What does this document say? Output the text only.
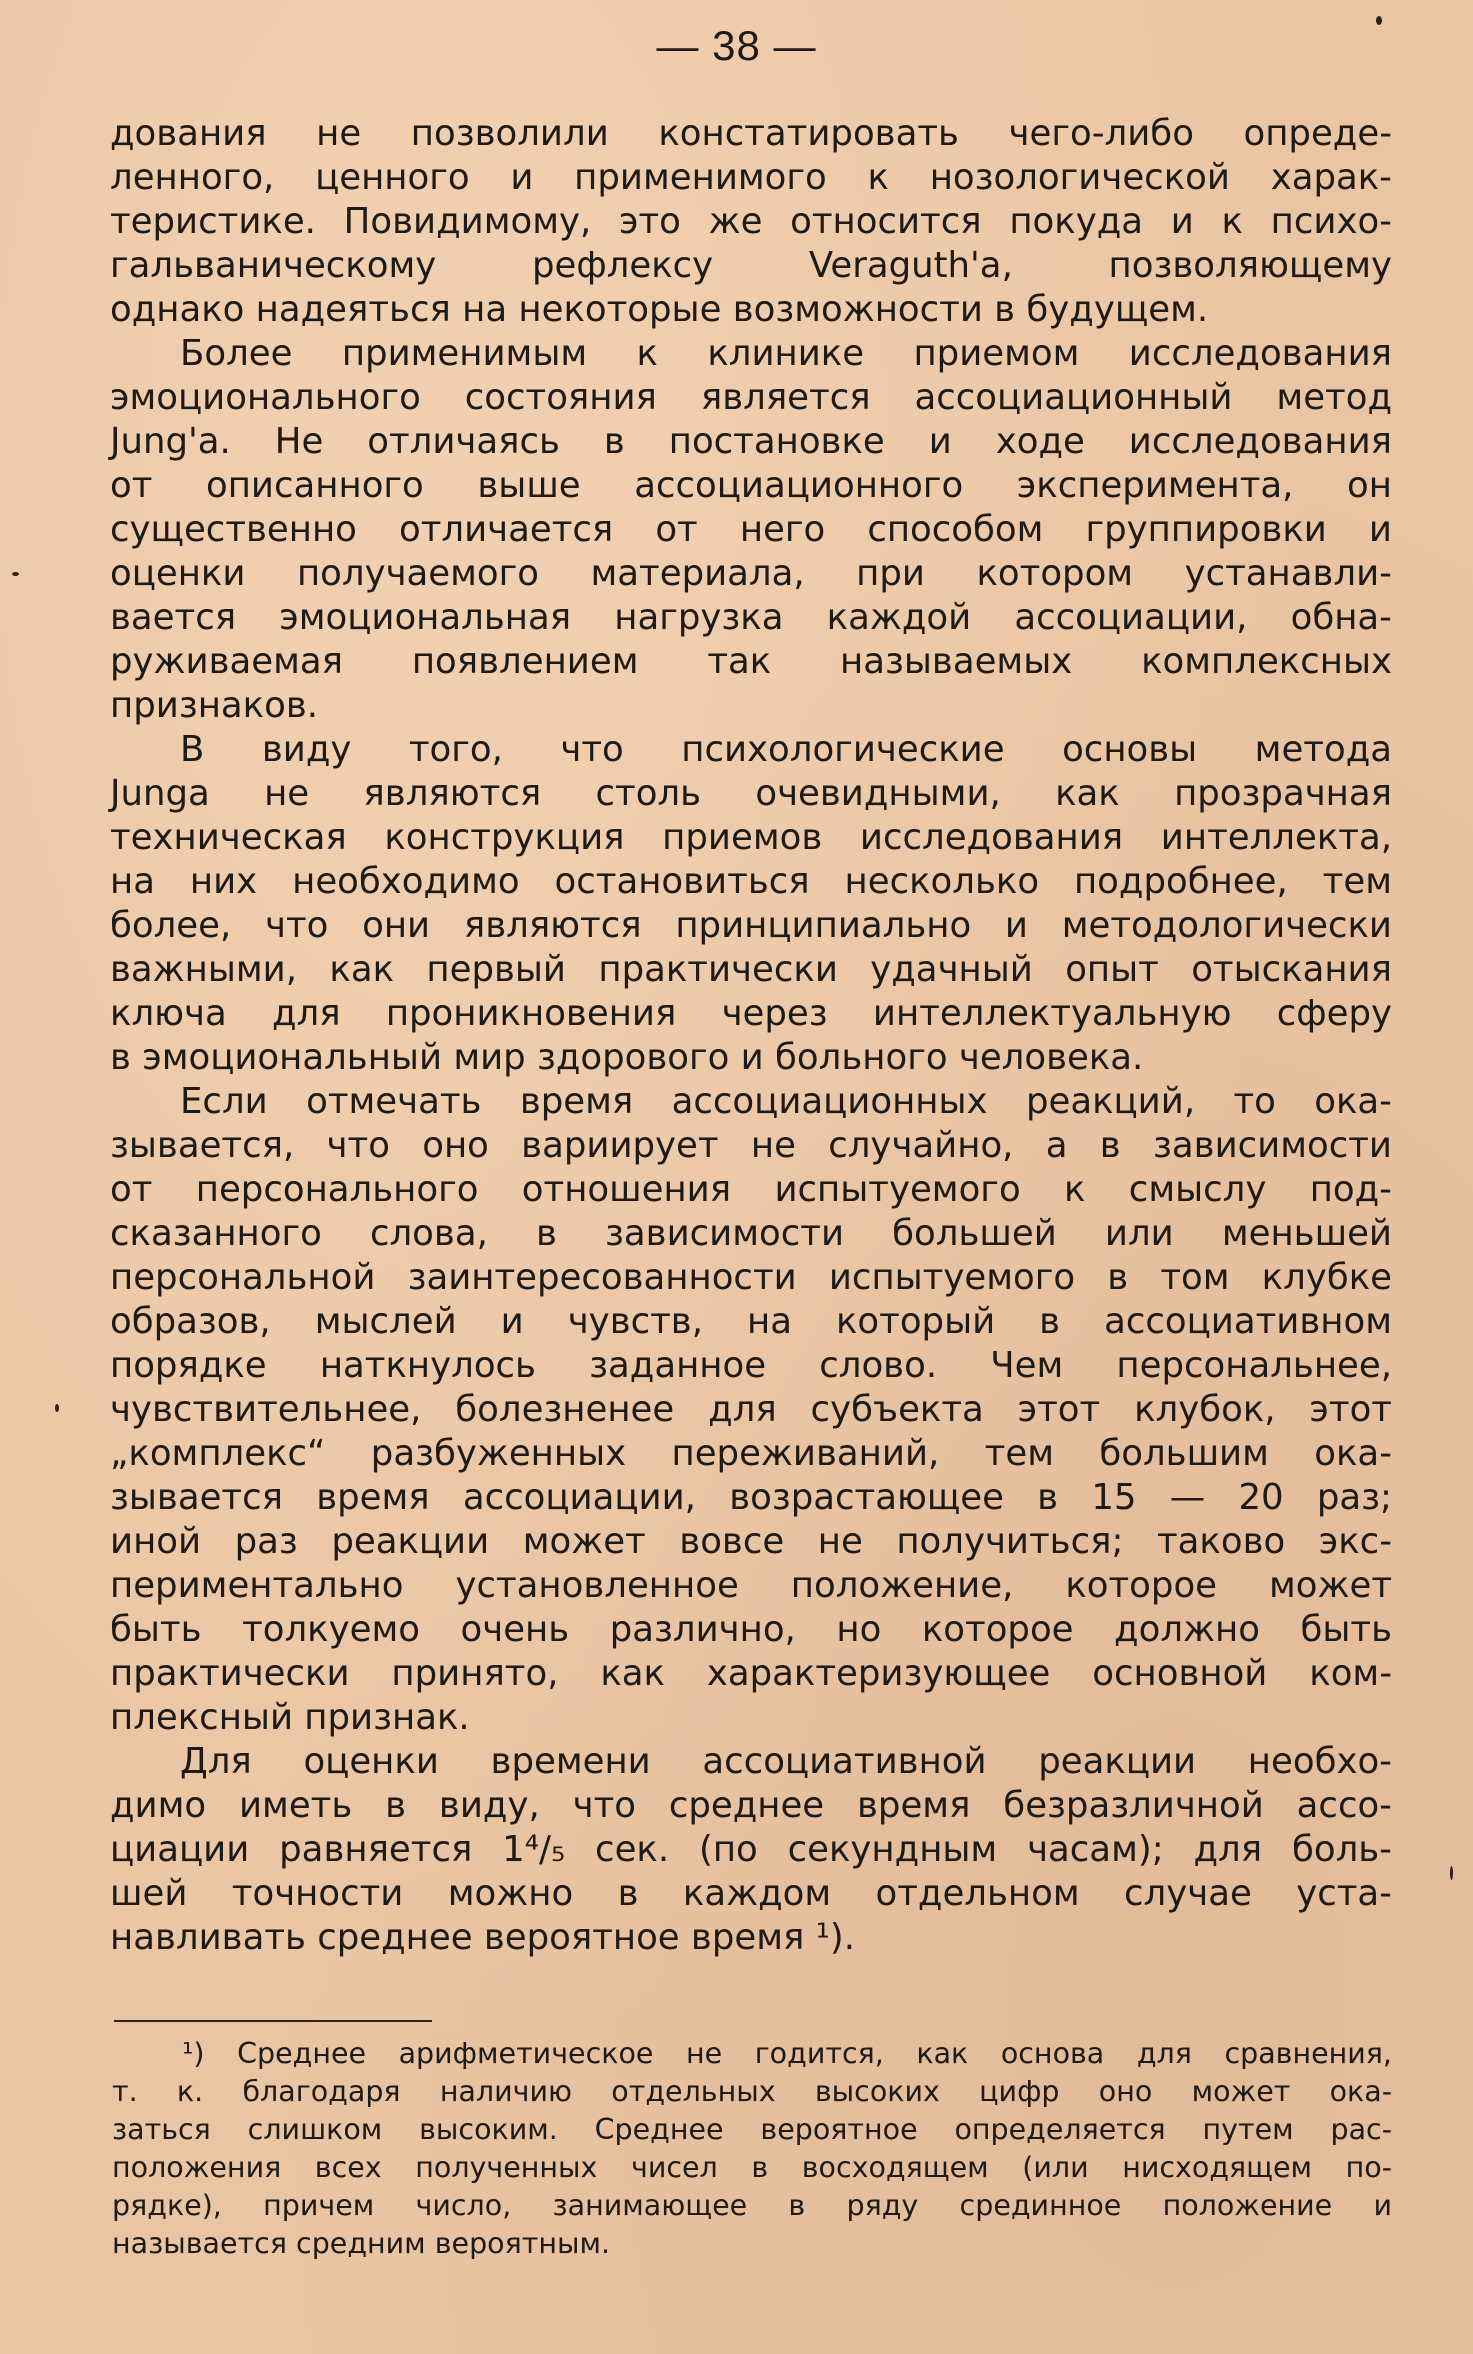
— 38 —

дования не позволили констатировать чего-либо опреде-
ленного, ценного и применимого к нозологической харак-
теристике. Повидимому, это же относится покуда и к психо-
гальваническому рефлексу Veraguth'а, позволяющему
однако надеяться на некоторые возможности в будущем.

Более применимым к клинике приемом исследования
эмоционального состояния является ассоциационный метод
Jung'а. Не отличаясь в постановке и ходе исследования
от описанного выше ассоциационного эксперимента, он
существенно отличается от него способом группировки и
оценки получаемого материала, при котором устанавли-
вается эмоциональная нагрузка каждой ассоциации, обна-
руживаемая появлением так называемых комплексных
признаков.

В виду того, что психологические основы метода
Junga не являются столь очевидными, как прозрачная
техническая конструкция приемов исследования интеллекта,
на них необходимо остановиться несколько подробнее, тем
более, что они являются принципиально и методологически
важными, как первый практически удачный опыт отыскания
ключа для проникновения через интеллектуальную сферу
в эмоциональный мир здорового и больного человека.

Если отмечать время ассоциационных реакций, то ока-
зывается, что оно вариирует не случайно, а в зависимости
от персонального отношения испытуемого к смыслу под-
сказанного слова, в зависимости большей или меньшей
персональной заинтересованности испытуемого в том клубке
образов, мыслей и чувств, на который в ассоциативном
порядке наткнулось заданное слово. Чем персональнее,
чувствительнее, болезненее для субъекта этот клубок, этот
„комплекс“ разбуженных переживаний, тем большим ока-
зывается время ассоциации, возрастающее в 15 — 20 раз;
иной раз реакции может вовсе не получиться; таково экс-
периментально установленное положение, которое может
быть толкуемо очень различно, но которое должно быть
практически принято, как характеризующее основной ком-
плексный признак.

Для оценки времени ассоциативной реакции необхо-
димо иметь в виду, что среднее время безразличной ассо-
циации равняется 1⁴/₅ сек. (по секундным часам); для боль-
шей точности можно в каждом отдельном случае уста-
навливать среднее вероятное время ¹).

¹) Среднее арифметическое не годится, как основа для сравнения,
т. к. благодаря наличию отдельных высоких цифр оно может ока-
заться слишком высоким. Среднее вероятное определяется путем рас-
положения всех полученных чисел в восходящем (или нисходящем по-
рядке), причем число, занимающее в ряду срединное положение и
называется средним вероятным.
